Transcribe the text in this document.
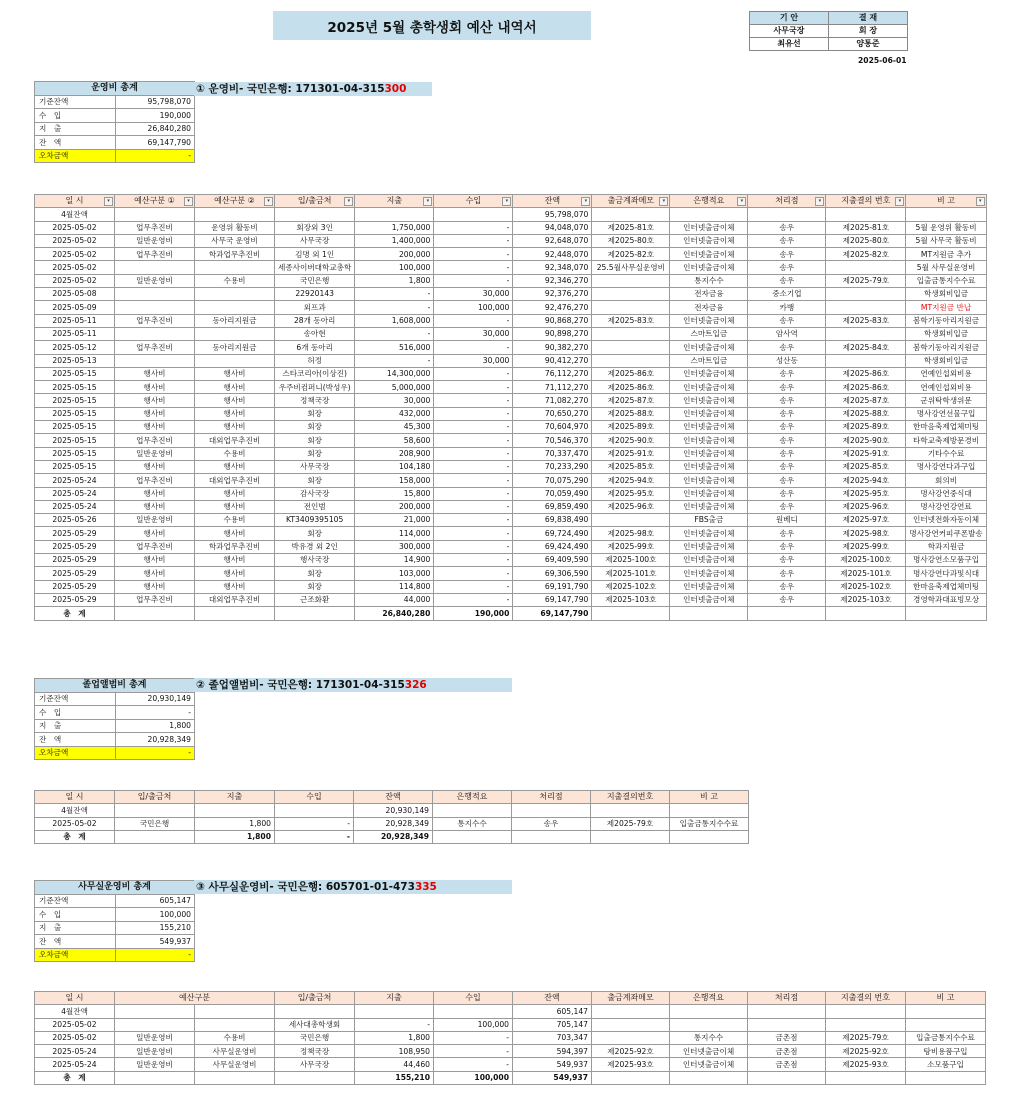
2025년 5월 총학생회 예산 내역서
기 안	결 재
사무국장	회 장
최유선	양통준
2025-06-01
운영비 총계	
기준잔액	95,798,070
수　입	190,000
지　출	26,840,280
잔　액	69,147,790
오차금액	-
① 운영비- 국민은행: 171301-04-315300
일 시 ▾	예산구분 ① ▾	예산구분 ② ▾	입/출금처 ▾	지출 ▾	수입 ▾	잔액 ▾	출금계좌메모 ▾	은행적요 ▾	처리점 ▾	지출결의 번호 ▾	비 고 ▾

4월잔액						95,798,070					
2025-05-02	업무추진비	운영위 활동비	회장외 3인	1,750,000	-	94,048,070	제2025-81호	인터넷출금이체	송우	제2025-81호	5월 운영위 활동비
2025-05-02	일반운영비	사무국 운영비	사무국장	1,400,000	-	92,648,070	제2025-80호	인터넷출금이체	송우	제2025-80호	5월 사무국 활동비
2025-05-02	업무추진비	학과업무추진비	김명 외 1인	200,000	-	92,448,070	제2025-82호	인터넷출금이체	송우	제2025-82호	MT지원금 추가
2025-05-02			세종사이버대학교총학	100,000	-	92,348,070	25.5월사무실운영비	인터넷출금이체	송우		5월 사무실운영비
2025-05-02	일반운영비	수용비	국민은행	1,800	-	92,346,270		통지수수	송우	제2025-79호	입출금통지수수료
2025-05-08			22920143	-	30,000	92,376,270		전자금융	중소기업		학생회비입금
2025-05-09			외프과	-	100,000	92,476,270		전자금융	카뱅		MT지원금 반납
2025-05-11	업무추진비	동아리지원금	28개 동아리	1,608,000	-	90,868,270	제2025-83호	인터넷출금이체	송우	제2025-83호	봄학기동아리지원금
2025-05-11			송아현	-	30,000	90,898,270		스마트입금	암사역		학생회비입금
2025-05-12	업무추진비	동아리지원금	6개 동아리	516,000	-	90,382,270		인터넷출금이체	송우	제2025-84호	봄학기동아리지원금
2025-05-13			허정	-	30,000	90,412,270		스마트입금	성산동		학생회비입금
2025-05-15	행사비	행사비	스타코리아(이상진)	14,300,000	-	76,112,270	제2025-86호	인터넷출금이체	송우	제2025-86호	연예인섭외비용
2025-05-15	행사비	행사비	우주비컴퍼니(박성우)	5,000,000	-	71,112,270	제2025-86호	인터넷출금이체	송우	제2025-86호	연예인섭외비용
2025-05-15	행사비	행사비	정책국장	30,000	-	71,082,270	제2025-87호	인터넷출금이체	송우	제2025-87호	군위탁학생위문
2025-05-15	행사비	행사비	회장	432,000	-	70,650,270	제2025-88호	인터넷출금이체	송우	제2025-88호	명사강연선물구입
2025-05-15	행사비	행사비	회장	45,300	-	70,604,970	제2025-89호	인터넷출금이체	송우	제2025-89호	한마음축제업체미팅
2025-05-15	업무추진비	대외업무추진비	회장	58,600	-	70,546,370	제2025-90호	인터넷출금이체	송우	제2025-90호	타학교축제방문경비
2025-05-15	일반운영비	수용비	회장	208,900	-	70,337,470	제2025-91호	인터넷출금이체	송우	제2025-91호	기타수수료
2025-05-15	행사비	행사비	사무국장	104,180	-	70,233,290	제2025-85호	인터넷출금이체	송우	제2025-85호	명사강연다과구입
2025-05-24	업무추진비	대외업무추진비	회장	158,000	-	70,075,290	제2025-94호	인터넷출금이체	송우	제2025-94호	회의비
2025-05-24	행사비	행사비	감사국장	15,800	-	70,059,490	제2025-95호	인터넷출금이체	송우	제2025-95호	명사강연중식대
2025-05-24	행사비	행사비	전인범	200,000	-	69,859,490	제2025-96호	인터넷출금이체	송우	제2025-96호	명사강연강연료
2025-05-26	일반운영비	수용비	KT3409395105	21,000	-	69,838,490		FBS출금	원베디	제2025-97호	인터넷전화자동이체
2025-05-29	행사비	행사비	회장	114,000	-	69,724,490	제2025-98호	인터넷출금이체	송우	제2025-98호	명사강연커피쿠폰발송
2025-05-29	업무추진비	학과업무추진비	박유경 외 2인	300,000	-	69,424,490	제2025-99호	인터넷출금이체	송우	제2025-99호	학과지원금
2025-05-29	행사비	행사비	행사국장	14,900	-	69,409,590	제2025-100호	인터넷출금이체	송우	제2025-100호	명사강연소모품구입
2025-05-29	행사비	행사비	회장	103,000	-	69,306,590	제2025-101호	인터넷출금이체	송우	제2025-101호	명사강연다과및식대
2025-05-29	행사비	행사비	회장	114,800	-	69,191,790	제2025-102호	인터넷출금이체	송우	제2025-102호	한마음축제업체미팅
2025-05-29	업무추진비	대외업무추진비	근조화환	44,000	-	69,147,790	제2025-103호	인터넷출금이체	송우	제2025-103호	경영학과대표빙모상
총　계				26,840,280	190,000	69,147,790					
졸업앨범비 총계	
기준잔액	20,930,149
수　입	-
지　출	1,800
잔　액	20,928,349
오차금액	-
② 졸업앨범비- 국민은행: 171301-04-315326
일 시	입/출금처	지출	수입	잔액	은행적요	처리점	지출결의번호	비 고
4월잔액				20,930,149				
2025-05-02	국민은행	1,800	-	20,928,349	통지수수	송우	제2025-79호	입출금통지수수료
총　계		1,800	-	20,928,349				
사무실운영비 총계	
기준잔액	605,147
수　입	100,000
지　출	155,210
잔　액	549,937
오차금액	-
③ 사무실운영비- 국민은행: 605701-01-473335
일 시	예산구분		입/출금처	지출	수입	잔액	출금계좌메모	은행적요	처리점	지출결의 번호	비 고
4월잔액						605,147					
2025-05-02			세사대총학생회	-	100,000	705,147					
2025-05-02	일반운영비	수용비	국민은행	1,800	-	703,347		통지수수	금촌점	제2025-79호	입출금통지수수료
2025-05-24	일반운영비	사무실운영비	정책국장	108,950	-	594,397	제2025-92호	인터넷출금이체	금촌점	제2025-92호	탕비용품구입
2025-05-24	일반운영비	사무실운영비	사무국장	44,460	-	549,937	제2025-93호	인터넷출금이체	금촌점	제2025-93호	소모품구입
총　계				155,210	100,000	549,937					
